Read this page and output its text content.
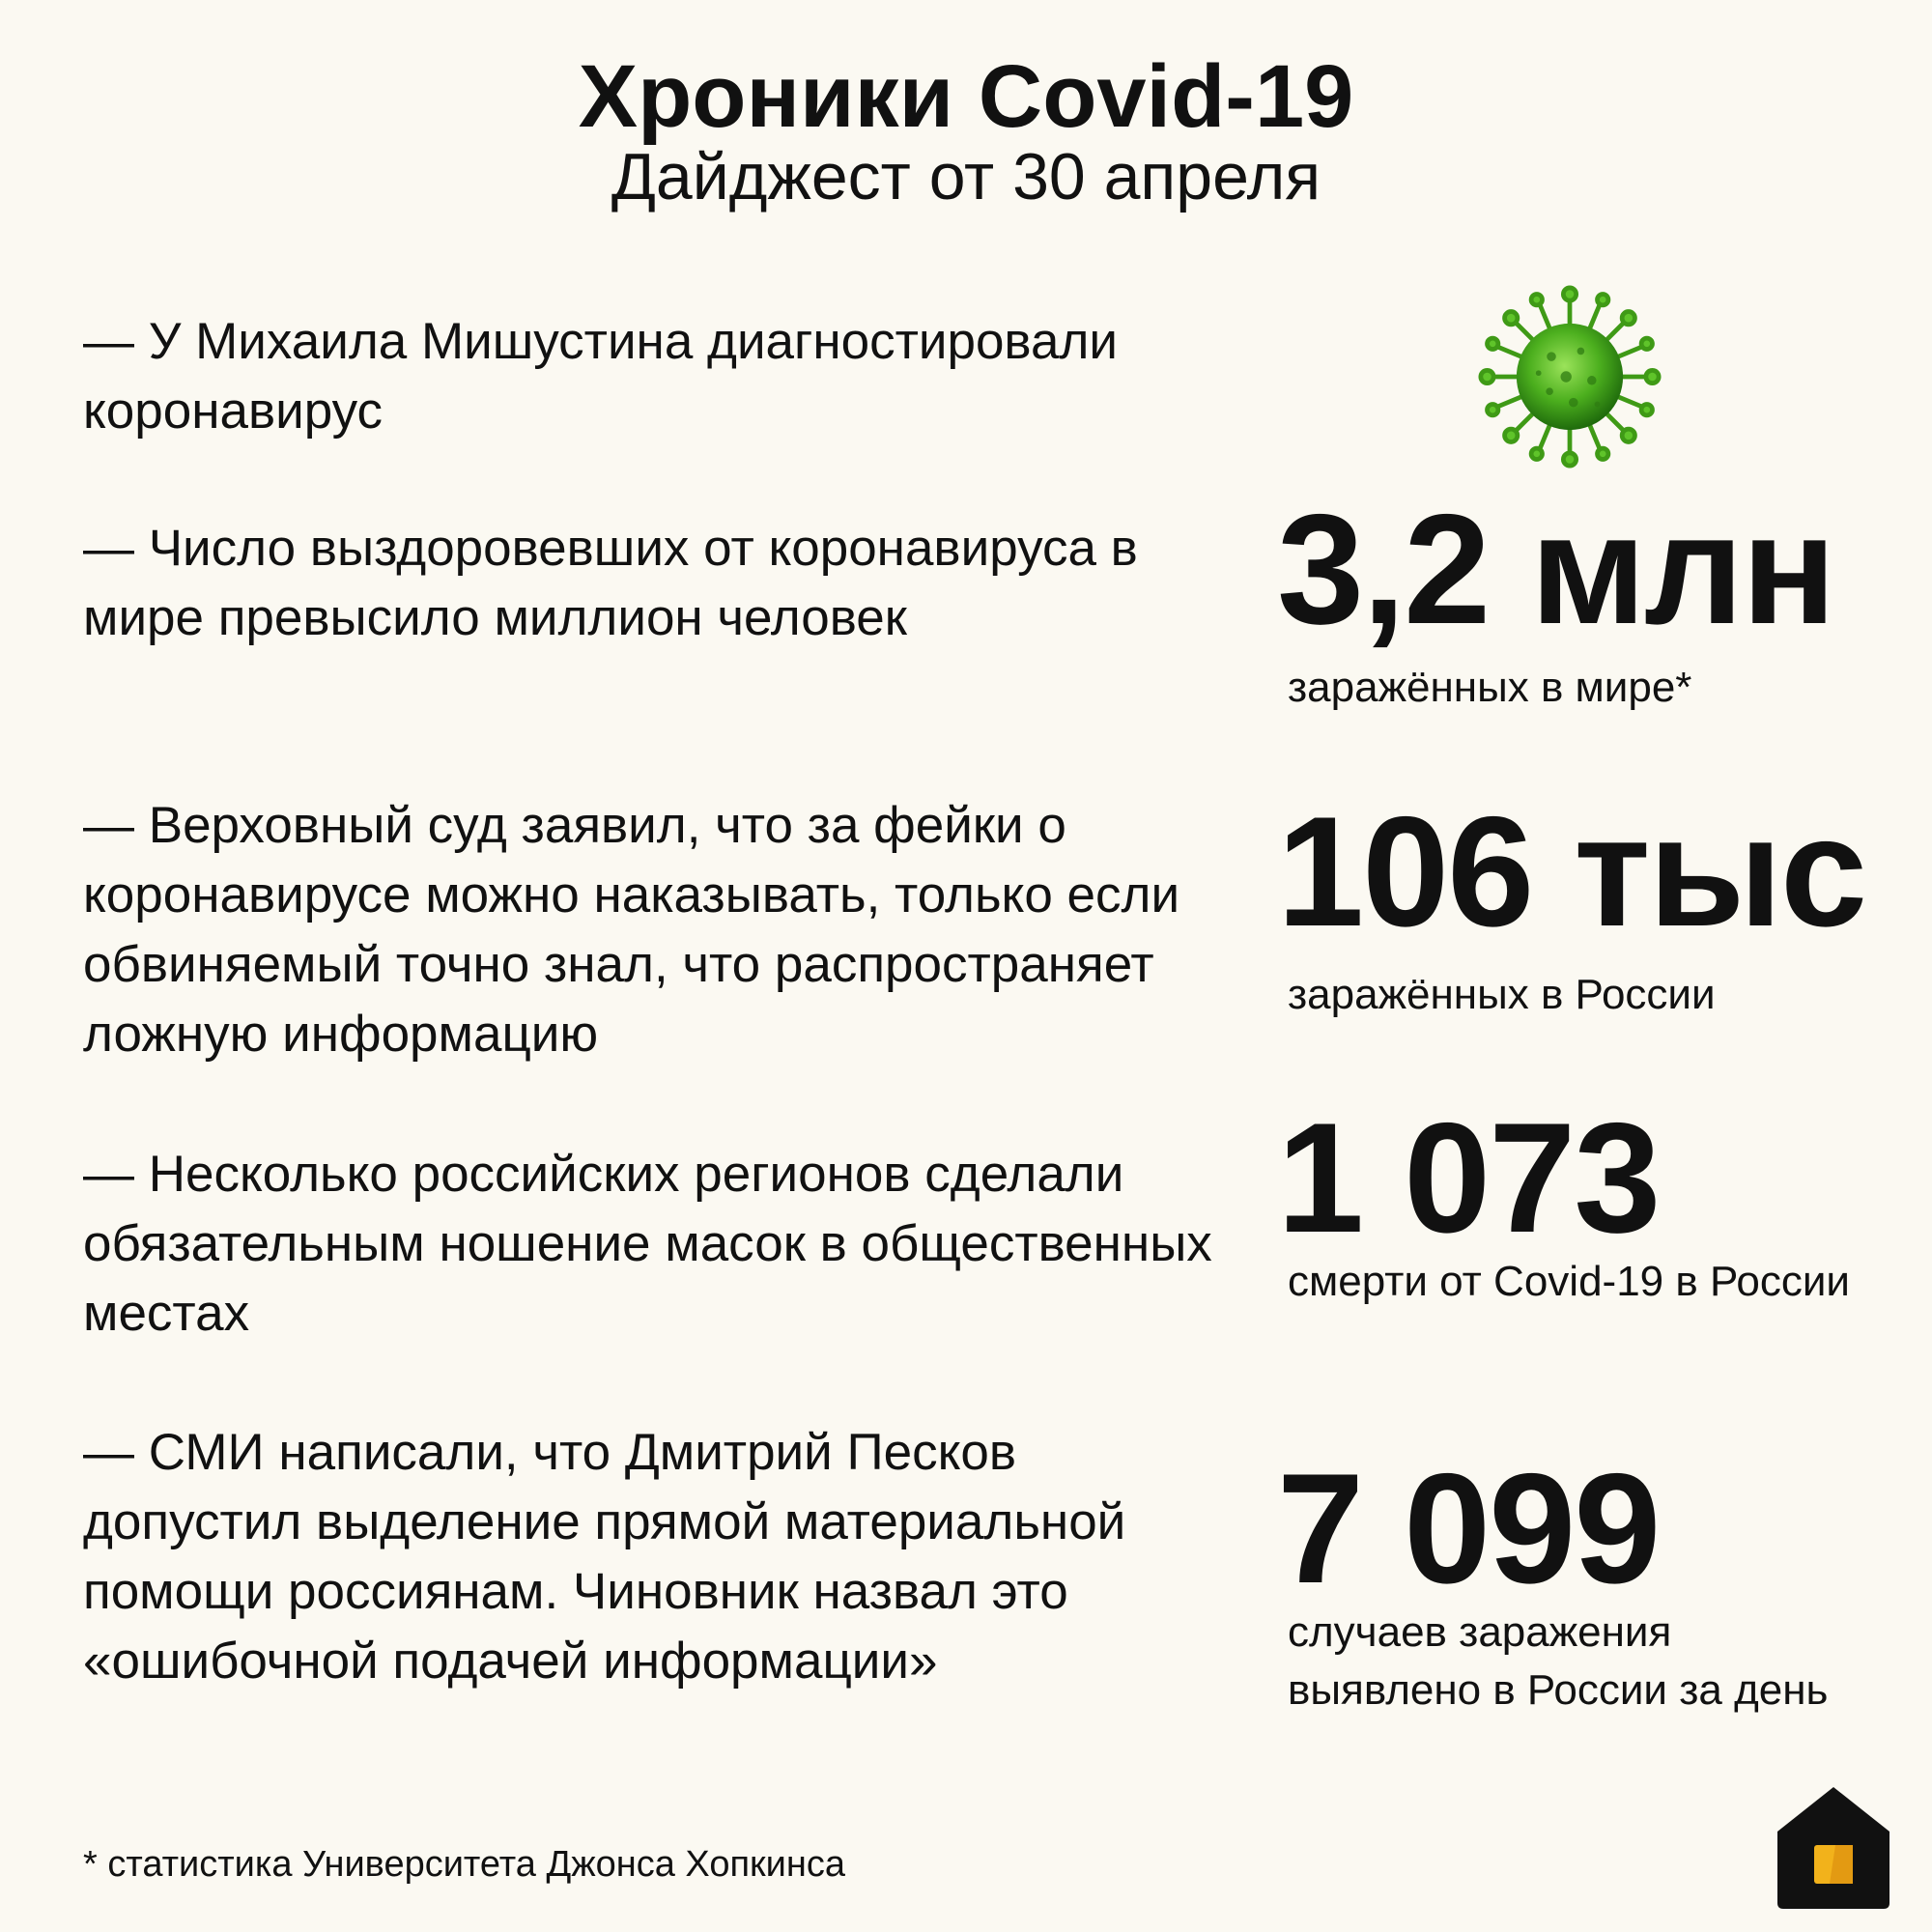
Хроники Covid-19
Дайджест от 30 апреля
— У Михаила Мишустина диагностировали коронавирус
— Число выздоровевших от коронавируса в мире превысило миллион человек
— Верховный суд заявил, что за фейки о коронавирусе можно наказывать, только если обвиняемый точно знал, что распространяет ложную информацию
— Несколько российских регионов сделали обязательным ношение масок в общественных местах
— СМИ написали, что Дмитрий Песков допустил выделение прямой материальной помощи россиянам. Чиновник назвал это «ошибочной подачей информации»
3,2 млн
заражённых в мире*
106 тыс
заражённых в России
1 073
смерти от Covid-19 в России
7 099
случаев заражения выявлено в России за день
* статистика Университета Джонса Хопкинса
